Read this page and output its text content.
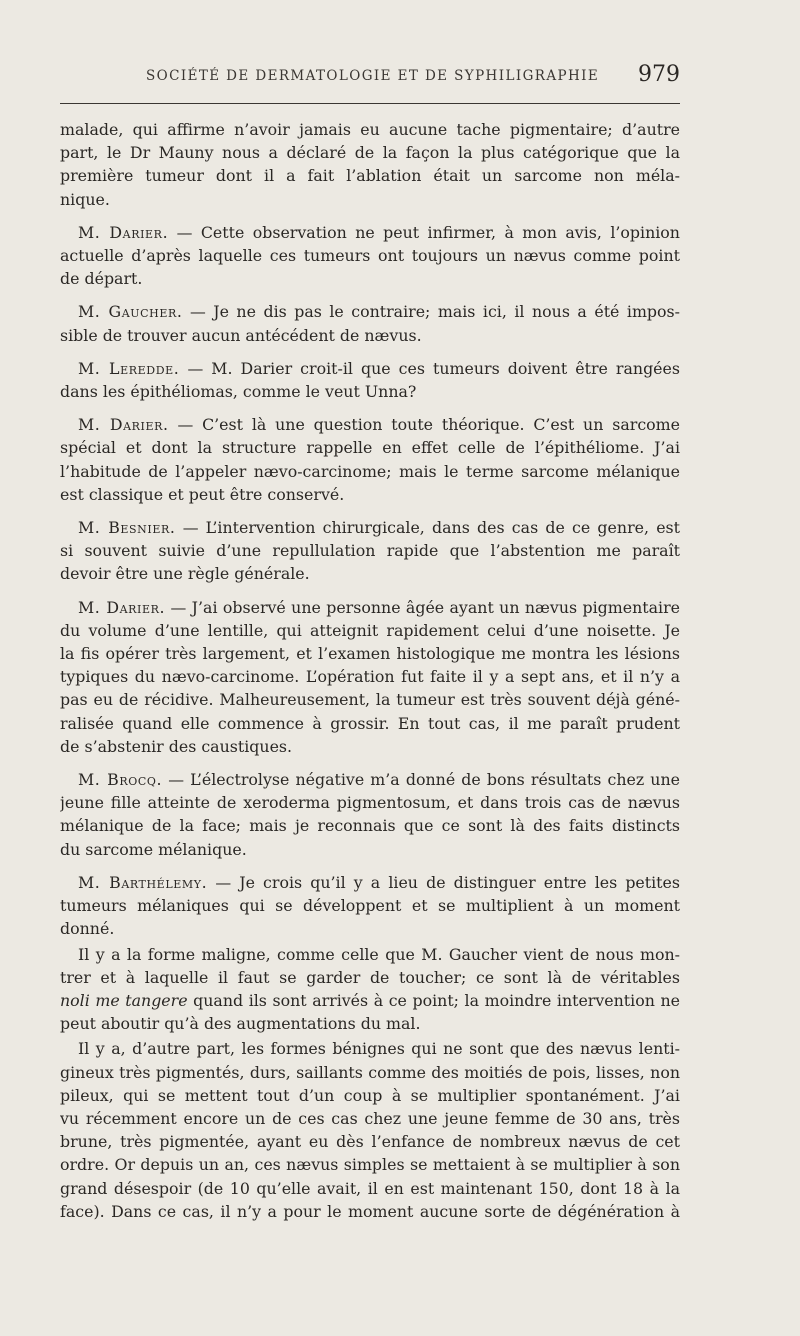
SOCIÉTÉ DE DERMATOLOGIE ET DE SYPHILIGRAPHIE 979
malade, qui affirme n’avoir jamais eu aucune tache pigmentaire; d’autre
part, le Dr Mauny nous a déclaré de la façon la plus catégorique que la
première tumeur dont il a fait l’ablation était un sarcome non méla-
nique.
M. Darier. — Cette observation ne peut infirmer, à mon avis, l’opinion
actuelle d’après laquelle ces tumeurs ont toujours un nævus comme point
de départ.
M. Gaucher. — Je ne dis pas le contraire; mais ici, il nous a été impos-
sible de trouver aucun antécédent de nævus.
M. Leredde. — M. Darier croit-il que ces tumeurs doivent être rangées
dans les épithéliomas, comme le veut Unna?
M. Darier. — C’est là une question toute théorique. C’est un sarcome
spécial et dont la structure rappelle en effet celle de l’épithéliome. J’ai
l’habitude de l’appeler nævo-carcinome; mais le terme sarcome mélanique
est classique et peut être conservé.
M. Besnier. — L’intervention chirurgicale, dans des cas de ce genre, est
si souvent suivie d’une repullulation rapide que l’abstention me paraît
devoir être une règle générale.
M. Darier. — J’ai observé une personne âgée ayant un nævus pigmentaire
du volume d’une lentille, qui atteignit rapidement celui d’une noisette. Je
la fis opérer très largement, et l’examen histologique me montra les lésions
typiques du nævo-carcinome. L’opération fut faite il y a sept ans, et il n’y a
pas eu de récidive. Malheureusement, la tumeur est très souvent déjà géné-
ralisée quand elle commence à grossir. En tout cas, il me paraît prudent
de s’abstenir des caustiques.
M. Brocq. — L’électrolyse négative m’a donné de bons résultats chez une
jeune fille atteinte de xeroderma pigmentosum, et dans trois cas de nævus
mélanique de la face; mais je reconnais que ce sont là des faits distincts
du sarcome mélanique.
M. Barthélemy. — Je crois qu’il y a lieu de distinguer entre les petites
tumeurs mélaniques qui se développent et se multiplient à un moment
donné.
Il y a la forme maligne, comme celle que M. Gaucher vient de nous mon-
trer et à laquelle il faut se garder de toucher; ce sont là de véritables
noli me tangere quand ils sont arrivés à ce point; la moindre intervention ne
peut aboutir qu’à des augmentations du mal.
Il y a, d’autre part, les formes bénignes qui ne sont que des nævus lenti-
gineux très pigmentés, durs, saillants comme des moitiés de pois, lisses, non
pileux, qui se mettent tout d’un coup à se multiplier spontanément. J’ai
vu récemment encore un de ces cas chez une jeune femme de 30 ans, très
brune, très pigmentée, ayant eu dès l’enfance de nombreux nævus de cet
ordre. Or depuis un an, ces nævus simples se mettaient à se multiplier à son
grand désespoir (de 10 qu’elle avait, il en est maintenant 150, dont 18 à la
face). Dans ce cas, il n’y a pour le moment aucune sorte de dégénération à
